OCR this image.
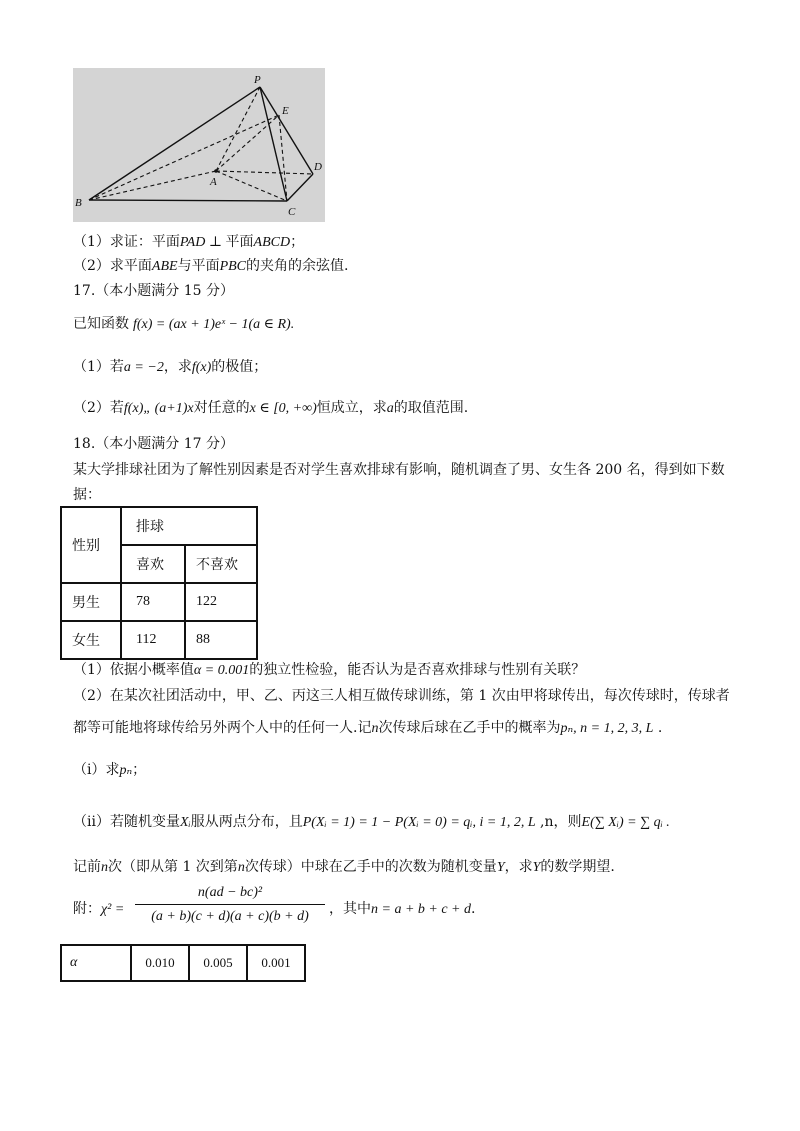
P
E
D
A
B
C
（1）求证：平面PAD ⊥ 平面ABCD；
（2）求平面ABE与平面PBC的夹角的余弦值.
17.（本小题满分 15 分）
已知函数 f(x) = (ax + 1)eˣ − 1(a ∈ R).
（1）若a = −2，求f(x)的极值；
（2）若f(x)„ (a+1)x对任意的x ∈ [0, +∞)恒成立，求a的取值范围.
18.（本小题满分 17 分）
某大学排球社团为了解性别因素是否对学生喜欢排球有影响，随机调查了男、女生各 200 名，得到如下数
据：
性别	排球	
	喜欢	不喜欢
男生	78	122
女生	112	88
（1）依据小概率值α = 0.001的独立性检验，能否认为是否喜欢排球与性别有关联？
（2）在某次社团活动中，甲、乙、丙这三人相互做传球训练，第 1 次由甲将球传出，每次传球时，传球者
都等可能地将球传给另外两个人中的任何一人.记n次传球后球在乙手中的概率为pₙ, n = 1, 2, 3, L .
（i）求pₙ；
（ii）若随机变量Xᵢ服从两点分布，且P(Xᵢ = 1) = 1 − P(Xᵢ = 0) = qᵢ, i = 1, 2, L ,n，则E(∑ Xᵢ) = ∑ qᵢ .
记前n次（即从第 1 次到第n次传球）中球在乙手中的次数为随机变量Y，求Y的数学期望.
附：χ² =
n(ad − bc)²
(a + b)(c + d)(a + c)(b + d)	，其中n = a + b + c + d.
α	0.010	0.005	0.001
